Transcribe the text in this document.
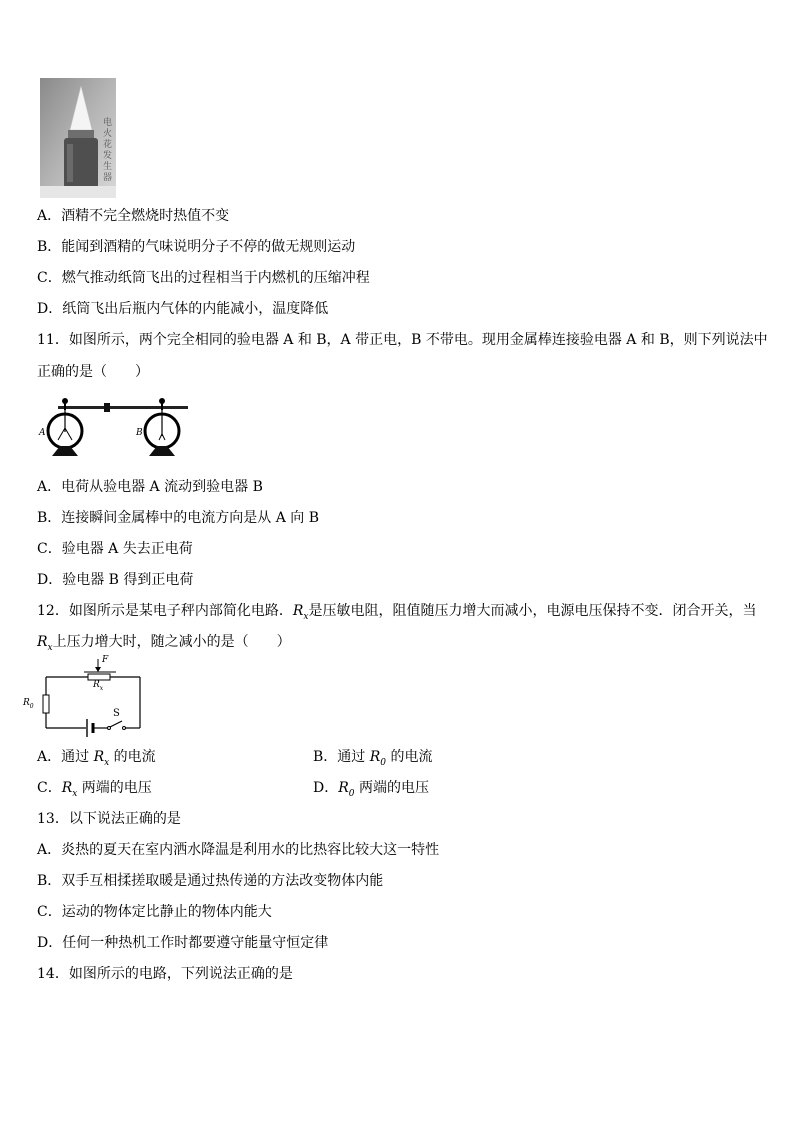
电火花发生器
A．酒精不完全燃烧时热值不变
B．能闻到酒精的气味说明分子不停的做无规则运动
C．燃气推动纸筒飞出的过程相当于内燃机的压缩冲程
D．纸筒飞出后瓶内气体的内能减小，温度降低
11．如图所示，两个完全相同的验电器 A 和 B，A 带正电，B 不带电。现用金属棒连接验电器 A 和 B，则下列说法中
正确的是（　　）
A	B
A．电荷从验电器 A 流动到验电器 B
B．连接瞬间金属棒中的电流方向是从 A 向 B
C．验电器 A 失去正电荷
D．验电器 B 得到正电荷
12．如图所示是某电子秤内部简化电路．$R_x$是压敏电阻，阻值随压力增大而减小，电源电压保持不变．闭合开关，当
$R_x$上压力增大时，随之减小的是（　　）
F
$R_x$
$R_0$
S
A．通过 $R_x$ 的电流	B．通过 $R_0$ 的电流
C．$R_x$ 两端的电压	D．$R_0$ 两端的电压
13．以下说法正确的是
A．炎热的夏天在室内洒水降温是利用水的比热容比较大这一特性
B．双手互相揉搓取暖是通过热传递的方法改变物体内能
C．运动的物体定比静止的物体内能大
D．任何一种热机工作时都要遵守能量守恒定律
14．如图所示的电路，下列说法正确的是
